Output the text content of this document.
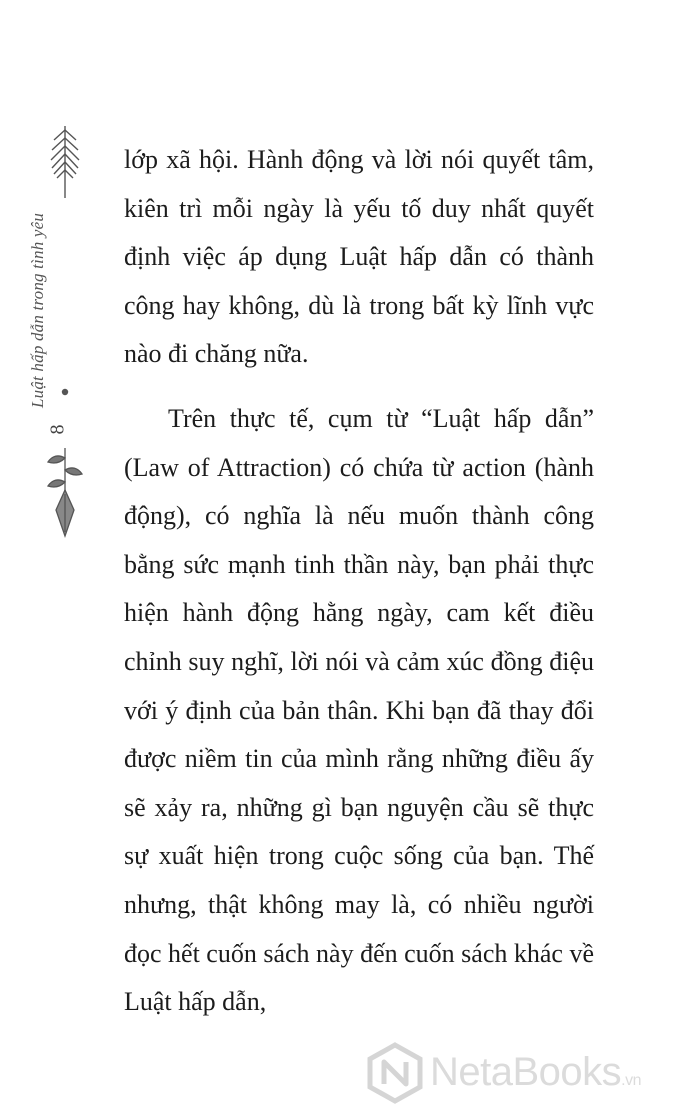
Luật hấp dẫn trong tình yêu
8

lớp xã hội. Hành động và lời nói quyết tâm, kiên trì mỗi ngày là yếu tố duy nhất quyết định việc áp dụng Luật hấp dẫn có thành công hay không, dù là trong bất kỳ lĩnh vực nào đi chăng nữa.

Trên thực tế, cụm từ “Luật hấp dẫn” (Law of Attraction) có chứa từ action (hành động), có nghĩa là nếu muốn thành công bằng sức mạnh tinh thần này, bạn phải thực hiện hành động hằng ngày, cam kết điều chỉnh suy nghĩ, lời nói và cảm xúc đồng điệu với ý định của bản thân. Khi bạn đã thay đổi được niềm tin của mình rằng những điều ấy sẽ xảy ra, những gì bạn nguyện cầu sẽ thực sự xuất hiện trong cuộc sống của bạn. Thế nhưng, thật không may là, có nhiều người đọc hết cuốn sách này đến cuốn sách khác về Luật hấp dẫn,

NetaBooks.vn
